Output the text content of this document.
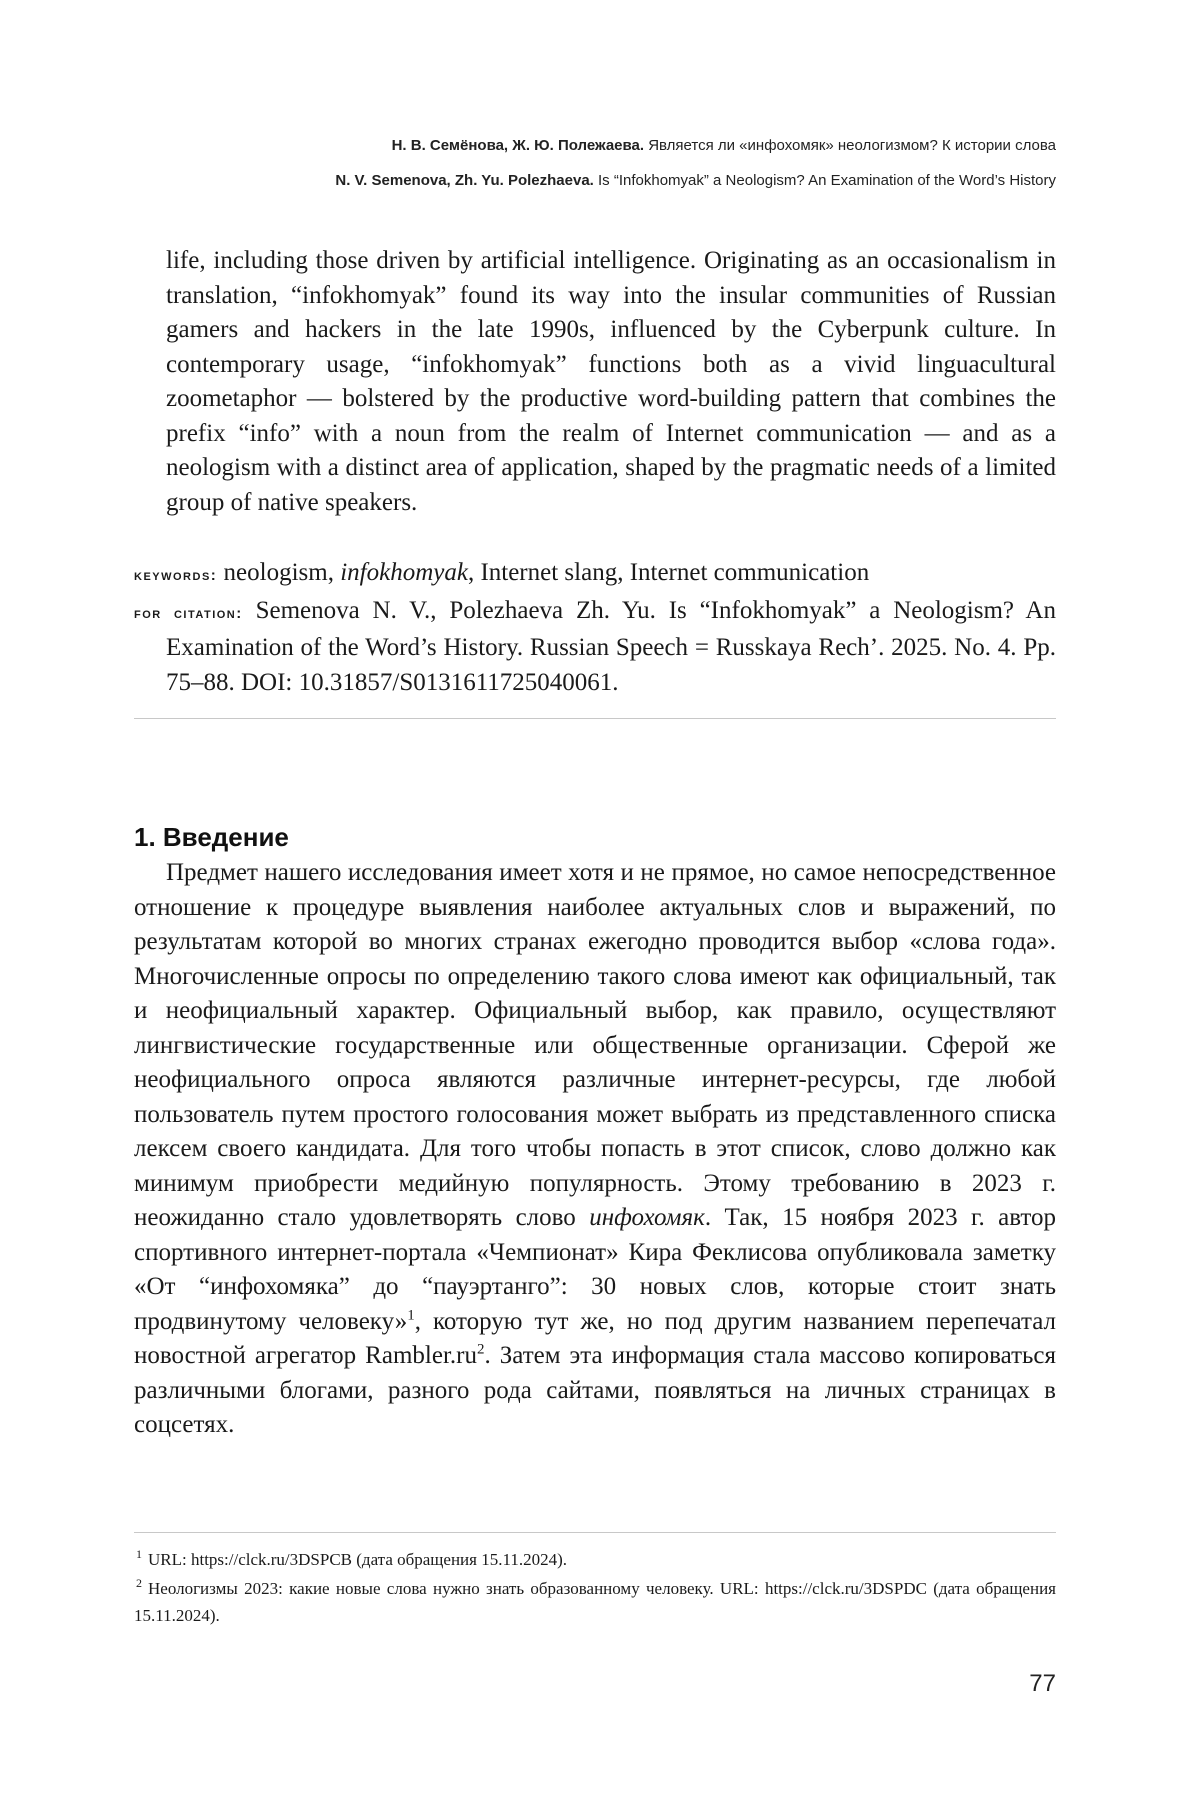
Н. В. Семёнова, Ж. Ю. Полежаева. Является ли «инфохомяк» неологизмом? К истории слова
N. V. Semenova, Zh. Yu. Polezhaeva. Is “Infokhomyak” a Neologism? An Examination of the Word’s History

life, including those driven by artificial intelligence. Originating as an occasionalism in translation, “infokhomyak” found its way into the insular communities of Russian gamers and hackers in the late 1990s, influenced by the Cyberpunk culture. In contemporary usage, “infokhomyak” functions both as a vivid linguacultural zoometaphor — bolstered by the productive word-building pattern that combines the prefix “info” with a noun from the realm of Internet communication — and as a neologism with a distinct area of application, shaped by the pragmatic needs of a limited group of native speakers.

keywords: neologism, infokhomyak, Internet slang, Internet communication

for citation: Semenova N. V., Polezhaeva Zh. Yu. Is “Infokhomyak” a Neologism? An Examination of the Word’s History. Russian Speech = Russkaya Rech’. 2025. No. 4. Pp. 75–88. DOI: 10.31857/S0131611725040061.

1. Введение

Предмет нашего исследования имеет хотя и не прямое, но самое непосредственное отношение к процедуре выявления наиболее актуальных слов и выражений, по результатам которой во многих странах ежегодно проводится выбор «слова года». Многочисленные опросы по определению такого слова имеют как официальный, так и неофициальный характер. Официальный выбор, как правило, осуществляют лингвистические государственные или общественные организации. Сферой же неофициального опроса являются различные интернет-ресурсы, где любой пользователь путем простого голосования может выбрать из представленного списка лексем своего кандидата. Для того чтобы попасть в этот список, слово должно как минимум приобрести медийную популярность. Этому требованию в 2023 г. неожиданно стало удовлетворять слово инфохомяк. Так, 15 ноября 2023 г. автор спортивного интернет-портала «Чемпионат» Кира Феклисова опубликовала заметку «От “инфохомяка” до “пауэртанго”: 30 новых слов, которые стоит знать продвинутому человеку»$^1$, которую тут же, но под другим названием перепечатал новостной агрегатор $Rambler.ru^2$. Затем эта информация стала массово копироваться различными блогами, разного рода сайтами, появляться на личных страницах в соцсетях.

$^1$ URL: https://clck.ru/3DSPCB (дата обращения 15.11.2024).

$^2$ Неологизмы 2023: какие новые слова нужно знать образованному человеку. URL: https://clck.ru/3DSPDC (дата обращения 15.11.2024).

77
